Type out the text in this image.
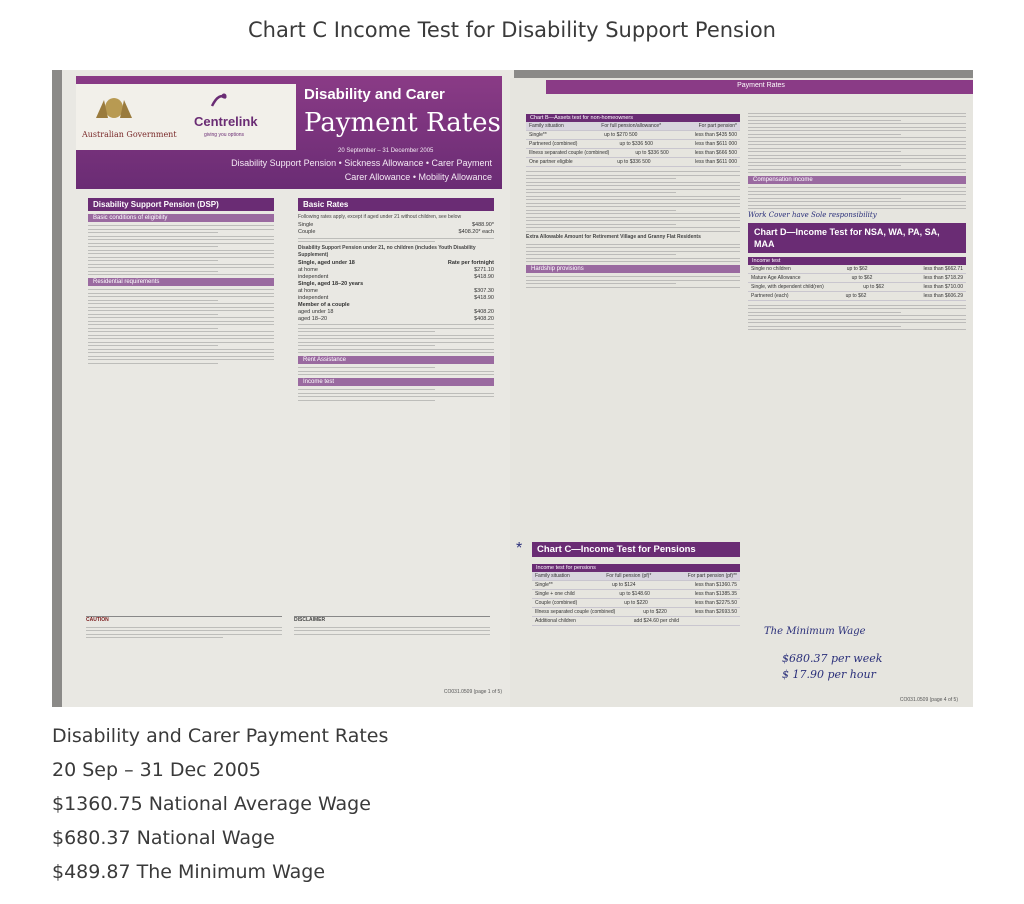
Chart C Income Test for Disability Support Pension
Australian Government
Centrelink
giving you options
Disability and Carer
Payment Rates
20 September – 31 December 2005
Disability Support Pension • Sickness Allowance • Carer Payment
Carer Allowance • Mobility Allowance
Disability Support Pension (DSP)
Basic conditions of eligibility
Residential requirements
Basic Rates
Following rates apply, except if aged under 21 without children, see below
Single	$488.90*
Couple	$408.20* each
Disability Support Pension under 21, no children (includes Youth Disability Supplement)
Single, aged under 18	Rate per fortnight
at home	$271.10
independent	$418.90
Single, aged 18–20 years
at home	$307.30
independent	$418.90
Member of a couple
aged under 18	$408.20
aged 18–20	$408.20
Rent Assistance
Income test
CAUTION	DISCLAIMER
CO031.0509 (page 1 of 5)
Payment Rates
Chart B—Assets test for non-homeowners
Family situation	For full pension/allowance*	For part pension*
Single**	up to $270 500	less than $435 500
Partnered (combined)	up to $336 500	less than $611 000
Illness separated couple (combined)	up to $336 500	less than $666 500
One partner eligible	up to $336 500	less than $611 000
Extra Allowable Amount for Retirement Village and Granny Flat Residents
Hardship provisions
*	Chart C—Income Test for Pensions
Income test for pensions
Family situation	For full pension (pf)*	For part pension (pf)**
Single**	up to $124	less than $1360.75
Single + one child	up to $148.60	less than $1385.35
Couple (combined)	up to $220	less than $2275.50
Illness separated couple (combined)	up to $220	less than $2693.50
Additional children	add $24.60 per child
Compensation income
Work Cover have Sole responsibility
Chart D—Income Test for NSA, WA, PA, SA, MAA
Income test
Single no children	up to $62	less than $662.71
Mature Age Allowance	up to $62	less than $718.29
Single, with dependent child(ren)	up to $62	less than $710.00
Partnered (each)	up to $62	less than $606.29
The Minimum Wage
$680.37 per week
$ 17.90 per hour
CO031.0509 (page 4 of 5)
Disability and Carer Payment Rates
20 Sep – 31 Dec 2005
$1360.75 National Average Wage
$680.37 National Wage
$489.87 The Minimum Wage
